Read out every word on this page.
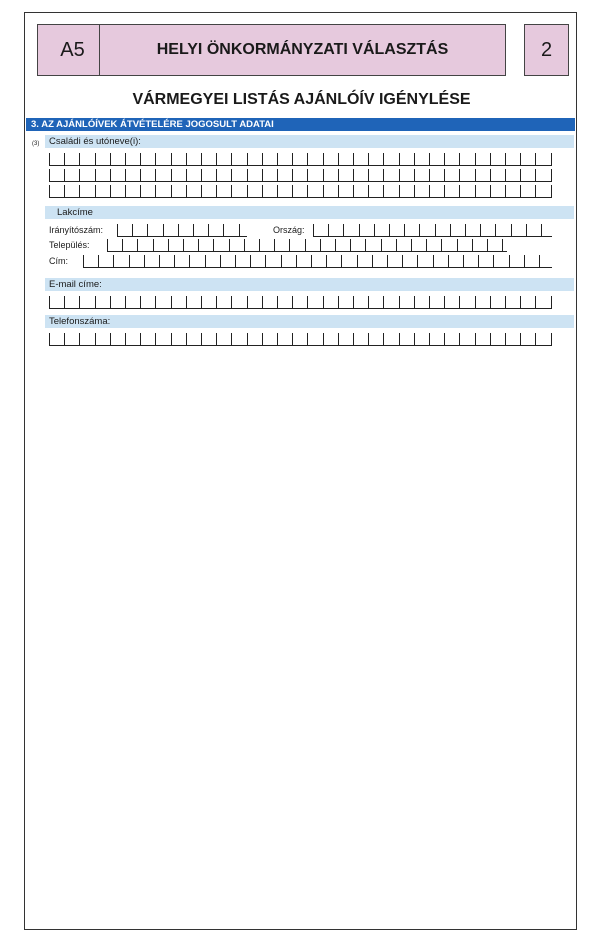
A5	HELYI ÖNKORMÁNYZATI VÁLASZTÁS	2
VÁRMEGYEI LISTÁS AJÁNLÓÍV IGÉNYLÉSE
3. AZ AJÁNLÓÍVEK ÁTVÉTELÉRE JOGOSULT ADATAI
(3)	Családi és utóneve(i):
Lakcíme
Irányítószám:	Ország:
Település:
Cím:
E-mail címe:
Telefonszáma:
